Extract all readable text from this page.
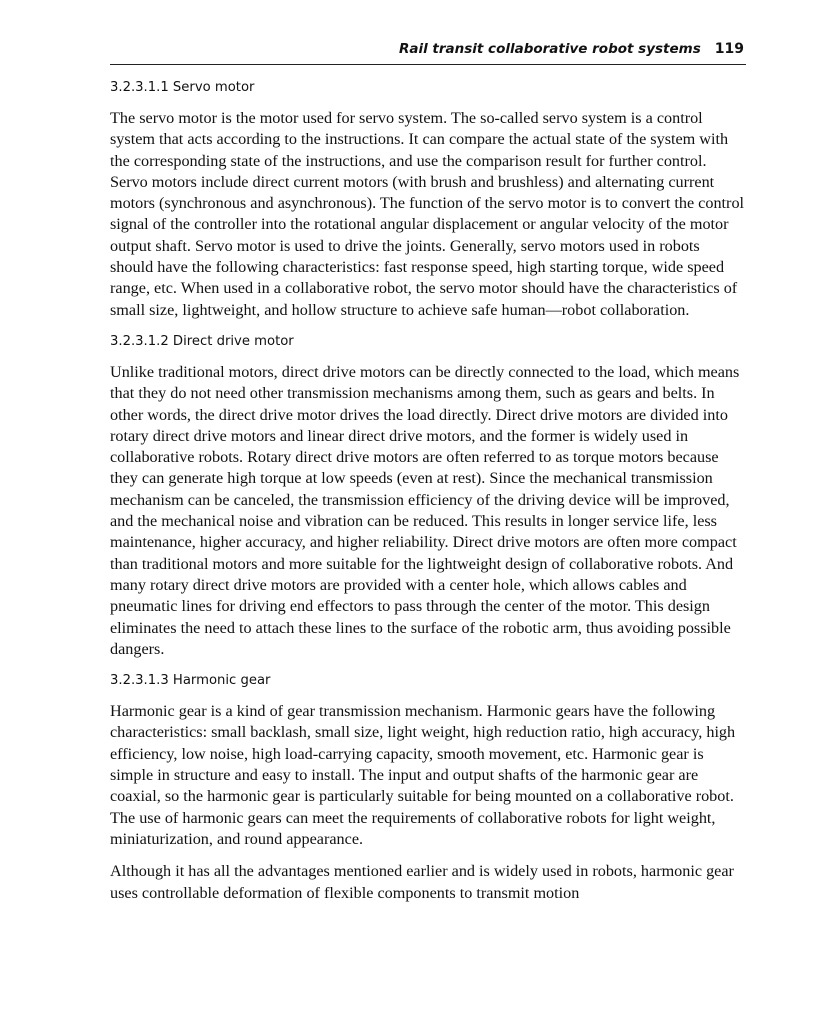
Rail transit collaborative robot systems 119
3.2.3.1.1 Servo motor

The servo motor is the motor used for servo system. The so-called servo system is a control system that acts according to the instructions. It can compare the actual state of the system with the corresponding state of the instructions, and use the comparison result for further control. Servo motors include direct current motors (with brush and brushless) and alternating current motors (synchronous and asynchronous). The function of the servo motor is to convert the control signal of the controller into the rotational angular displacement or angular velocity of the motor output shaft. Servo motor is used to drive the joints. Generally, servo motors used in robots should have the following characteristics: fast response speed, high starting torque, wide speed range, etc. When used in a collaborative robot, the servo motor should have the characteristics of small size, lightweight, and hollow structure to achieve safe human—robot collaboration.

3.2.3.1.2 Direct drive motor

Unlike traditional motors, direct drive motors can be directly connected to the load, which means that they do not need other transmission mechanisms among them, such as gears and belts. In other words, the direct drive motor drives the load directly. Direct drive motors are divided into rotary direct drive motors and linear direct drive motors, and the former is widely used in collaborative robots. Rotary direct drive motors are often referred to as torque motors because they can generate high torque at low speeds (even at rest). Since the mechanical transmission mechanism can be canceled, the transmission efficiency of the driving device will be improved, and the mechanical noise and vibration can be reduced. This results in longer service life, less maintenance, higher accuracy, and higher reliability. Direct drive motors are often more compact than traditional motors and more suitable for the lightweight design of collaborative robots. And many rotary direct drive motors are provided with a center hole, which allows cables and pneumatic lines for driving end effectors to pass through the center of the motor. This design eliminates the need to attach these lines to the surface of the robotic arm, thus avoiding possible dangers.

3.2.3.1.3 Harmonic gear

Harmonic gear is a kind of gear transmission mechanism. Harmonic gears have the following characteristics: small backlash, small size, light weight, high reduction ratio, high accuracy, high efficiency, low noise, high load-carrying capacity, smooth movement, etc. Harmonic gear is simple in structure and easy to install. The input and output shafts of the harmonic gear are coaxial, so the harmonic gear is particularly suitable for being mounted on a collaborative robot. The use of harmonic gears can meet the requirements of collaborative robots for light weight, miniaturization, and round appearance.

Although it has all the advantages mentioned earlier and is widely used in robots, harmonic gear uses controllable deformation of flexible components to transmit motion
